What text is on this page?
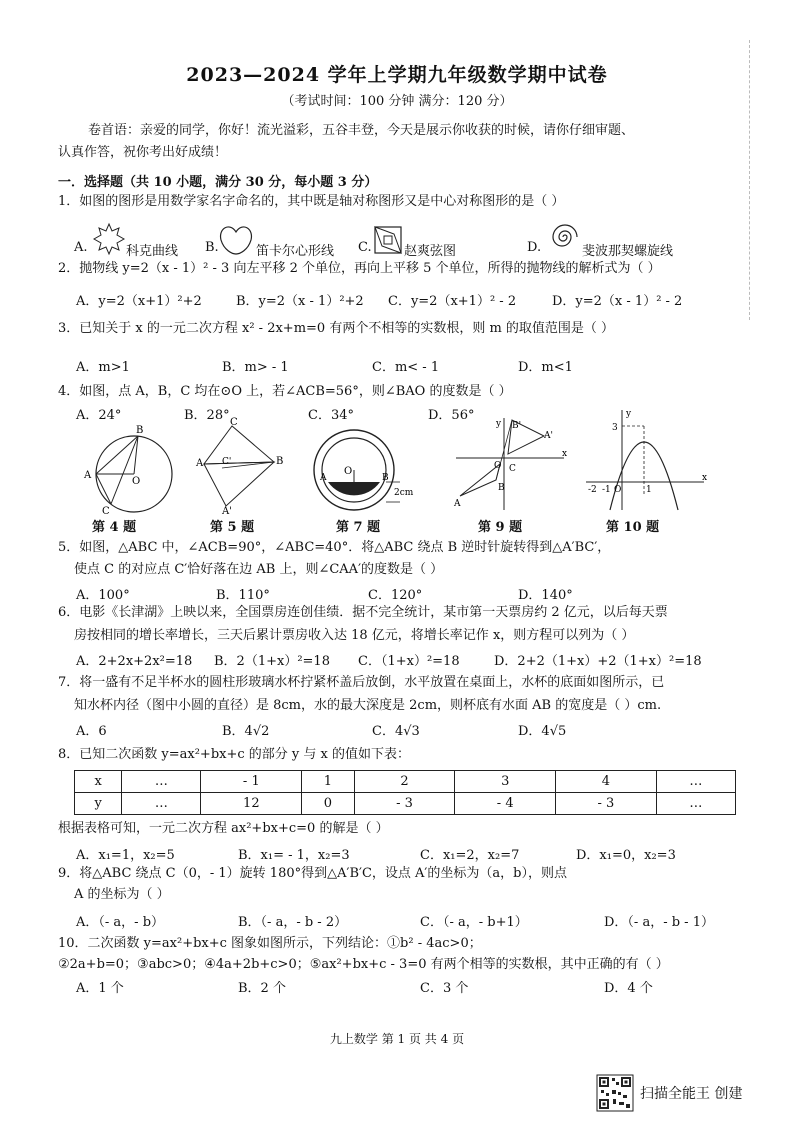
2023—2024 学年上学期九年级数学期中试卷
（考试时间：100 分钟 满分：120 分）
卷首语：亲爱的同学，你好！流光溢彩，五谷丰登，今天是展示你收获的时候，请你仔细审题、
认真作答，祝你考出好成绩！
一．选择题（共 10 小题，满分 30 分，每小题 3 分）
1．如图的图形是用数学家名字命名的，其中既是轴对称图形又是中心对称图形的是（ ）
A.	科克曲线 B.	笛卡尔心形线 C. 赵爽弦图	D.	斐波那契螺旋线
2．抛物线 y=2（x - 1）² - 3 向左平移 2 个单位，再向上平移 5 个单位，所得的抛物线的解析式为（ ）
A．y=2（x+1）²+2	B．y=2（x - 1）²+2 C．y=2（x+1）² - 2	D．y=2（x - 1）² - 2
3．已知关于 x 的一元二次方程 x² - 2x+m=0 有两个不相等的实数根，则 m 的取值范围是（ ）
A．m>1	B．m> - 1	C．m< - 1	D．m<1
4．如图，点 A，B，C 均在⊙O 上，若∠ACB=56°，则∠BAO 的度数是（ ）
A．24°	B．28°	C．34°	D．56°
B
A
O
C
C
A C'	B
A'
O
A	B
2cm
y B'
A'
x
O C
B
A
y
3
-2 -1 O	1
x
第 4 题	第 5 题	第 7 题	第 9 题	第 10 题
5．如图，△ABC 中，∠ACB=90°，∠ABC=40°．将△ABC 绕点 B 逆时针旋转得到△A′BC′，
使点 C 的对应点 C′恰好落在边 AB 上，则∠CAA′的度数是（ ）
A．100°	B．110°	C．120°	D．140°
6．电影《长津湖》上映以来，全国票房连创佳绩．据不完全统计，某市第一天票房约 2 亿元，以后每天票
房按相同的增长率增长，三天后累计票房收入达 18 亿元，将增长率记作 x，则方程可以列为（ ）
A．2+2x+2x²=18 B．2（1+x）²=18 C．（1+x）²=18	D．2+2（1+x）+2（1+x）²=18
7．将一盛有不足半杯水的圆柱形玻璃水杯拧紧杯盖后放倒，水平放置在桌面上，水杯的底面如图所示，已
知水杯内径（图中小圆的直径）是 8cm，水的最大深度是 2cm，则杯底有水面 AB 的宽度是（ ）cm.
A．6	B．4√2	C．4√3	D．4√5
8．已知二次函数 y=ax²+bx+c 的部分 y 与 x 的值如下表：
x	…	- 1	1	2	3	4	…
y	…	12	0	- 3	- 4	- 3	…
根据表格可知，一元二次方程 ax²+bx+c=0 的解是（ ）
A．x₁=1，x₂=5	B．x₁= - 1，x₂=3	C．x₁=2，x₂=7	D．x₁=0，x₂=3
9．将△ABC 绕点 C（0，- 1）旋转 180°得到△A′B′C，设点 A′的坐标为（a，b），则点
A 的坐标为（ ）
A．（- a，- b）	B．（- a，- b - 2）	C．（- a，- b+1）	D．（- a，- b - 1）
10．二次函数 y=ax²+bx+c 图象如图所示，下列结论：①b² - 4ac>0；
②2a+b=0；③abc>0；④4a+2b+c>0；⑤ax²+bx+c - 3=0 有两个相等的实数根，其中正确的有（ ）
A．1 个	B．2 个	C．3 个	D．4 个
九上数学 第 1 页 共 4 页
扫描全能王 创建
